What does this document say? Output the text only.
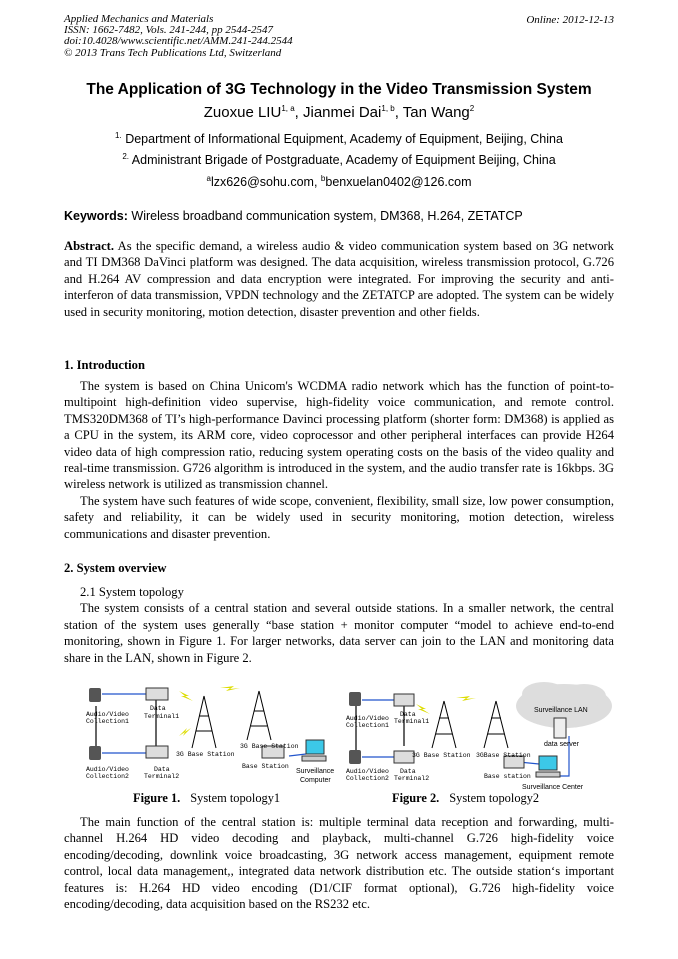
Applied Mechanics and Materials
ISSN: 1662-7482, Vols. 241-244, pp 2544-2547
doi:10.4028/www.scientific.net/AMM.241-244.2544
© 2013 Trans Tech Publications Ltd, Switzerland
Online: 2012-12-13
The Application of 3G Technology in the Video Transmission System
Zuoxue LIU$^{1, a}$, Jianmei Dai$^{1, b}$, Tan Wang$^2$
$^{1.}$ Department of Informational Equipment, Academy of Equipment, Beijing, China
$^{2.}$ Administrant Brigade of Postgraduate, Academy of Equipment Beijing, China
$^a$lzx626@sohu.com, $^b$benxuelan0402@126.com
Keywords: Wireless broadband communication system, DM368, H.264, ZETATCP
Abstract. As the specific demand, a wireless audio & video communication system based on 3G network and TI DM368 DaVinci platform was designed. The data acquisition, wireless transmission protocol, G.726 and H.264 AV compression and data encryption were integrated. For improving the security and anti-interferon of data transmission, VPDN technology and the ZETATCP are adopted. The system can be widely used in security monitoring, motion detection, disaster prevention and other fields.
1. Introduction
The system is based on China Unicom's WCDMA radio network which has the function of point-to-multipoint high-definition video supervise, high-fidelity voice communication, and remote control. TMS320DM368 of TI’s high-performance Davinci processing platform (shorter form: DM368) is applied as a CPU in the system, its ARM core, video coprocessor and other peripheral interfaces can provide H264 video data of high compression ratio, reducing system operating costs on the basis of the video quality and real-time transmission. G726 algorithm is introduced in the system, and the audio transfer rate is 16kbps. 3G wireless network is utilized as transmission channel.
The system have such features of wide scope, convenient, flexibility, small size, low power consumption, safety and reliability, it can be widely used in security monitoring, motion detection, wireless communications and disaster prevention.
2. System overview
2.1 System topology
The system consists of a central station and several outside stations. In a smaller network, the central station of the system uses generally “base station + monitor computer “model to achieve end-to-end monitoring, shown in Figure 1. For larger networks, data server can join to the LAN and monitoring data share in the LAN, shown in Figure 2.
Audio/Video
Collection1
Data
Terminal1
Audio/Video
Collection2
Data
Terminal2
3G Base Station
3G Base Station
Base Station
Surveillance
Computer
Figure 1. System topology1
Surveillance LAN
data server
Audio/Video
Collection1
Data
Terminal1
Audio/Video
Collection2
Data
Terminal2
3G Base Station 3GBase Station
Base station
Surveillance Center
Figure 2. System topology2
The main function of the central station is: multiple terminal data reception and forwarding, multi-channel H.264 HD video decoding and playback, multi-channel G.726 high-fidelity voice encoding/decoding, downlink voice broadcasting, 3G network access management, equipment remote control, local data management,, integrated data network distribution etc. The outside station‘s important features is: H.264 HD video encoding (D1/CIF format optional), G.726 high-fidelity voice encoding/decoding, data acquisition based on the RS232 etc.
